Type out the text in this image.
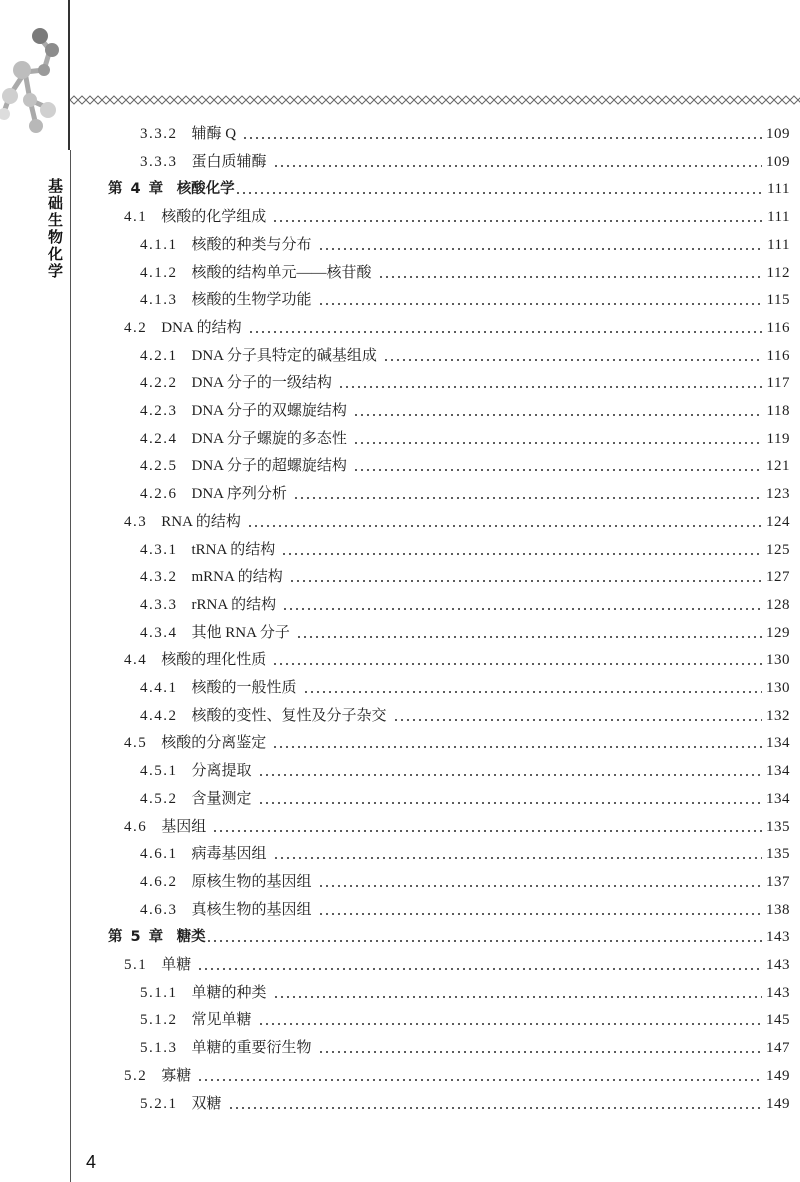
基础生物化学
3.3.2 辅酶 Q	109
3.3.3 蛋白质辅酶	109
第 4 章 核酸化学	111
4.1 核酸的化学组成	111
4.1.1 核酸的种类与分布	111
4.1.2 核酸的结构单元——核苷酸	112
4.1.3 核酸的生物学功能	115
4.2 DNA 的结构	116
4.2.1 DNA 分子具特定的碱基组成	116
4.2.2 DNA 分子的一级结构	117
4.2.3 DNA 分子的双螺旋结构	118
4.2.4 DNA 分子螺旋的多态性	119
4.2.5 DNA 分子的超螺旋结构	121
4.2.6 DNA 序列分析	123
4.3 RNA 的结构	124
4.3.1 tRNA 的结构	125
4.3.2 mRNA 的结构	127
4.3.3 rRNA 的结构	128
4.3.4 其他 RNA 分子	129
4.4 核酸的理化性质	130
4.4.1 核酸的一般性质	130
4.4.2 核酸的变性、复性及分子杂交	132
4.5 核酸的分离鉴定	134
4.5.1 分离提取	134
4.5.2 含量测定	134
4.6 基因组	135
4.6.1 病毒基因组	135
4.6.2 原核生物的基因组	137
4.6.3 真核生物的基因组	138
第 5 章 糖类	143
5.1 单糖	143
5.1.1 单糖的种类	143
5.1.2 常见单糖	145
5.1.3 单糖的重要衍生物	147
5.2 寡糖	149
5.2.1 双糖	149
4
